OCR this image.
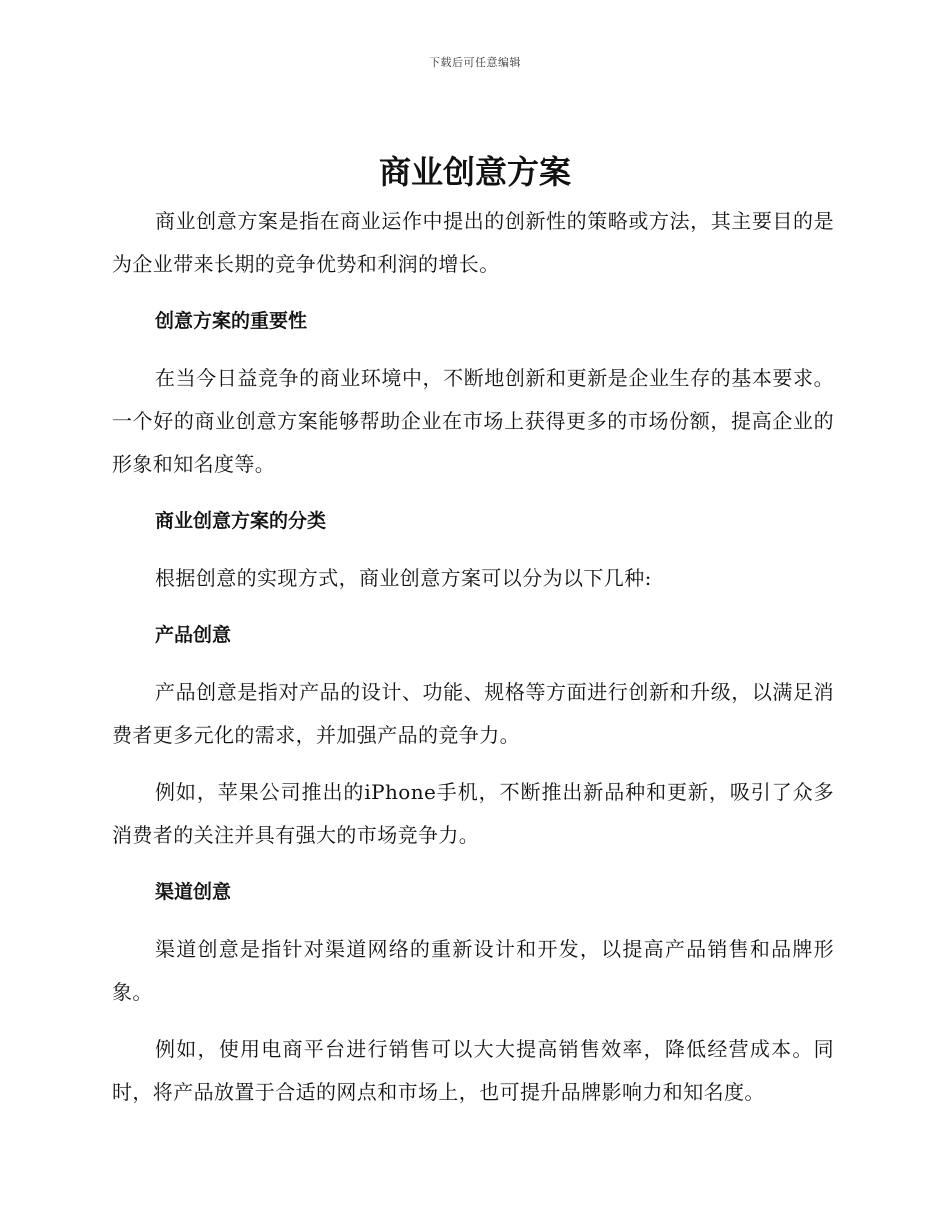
下载后可任意编辑
商业创意方案

商业创意方案是指在商业运作中提出的创新性的策略或方法，其主要目的是为企业带来长期的竞争优势和利润的增长。

创意方案的重要性

在当今日益竞争的商业环境中，不断地创新和更新是企业生存的基本要求。一个好的商业创意方案能够帮助企业在市场上获得更多的市场份额，提高企业的形象和知名度等。

商业创意方案的分类

根据创意的实现方式，商业创意方案可以分为以下几种:

产品创意

产品创意是指对产品的设计、功能、规格等方面进行创新和升级，以满足消费者更多元化的需求，并加强产品的竞争力。

例如，苹果公司推出的iPhone手机，不断推出新品种和更新，吸引了众多消费者的关注并具有强大的市场竞争力。

渠道创意

渠道创意是指针对渠道网络的重新设计和开发，以提高产品销售和品牌形象。

例如，使用电商平台进行销售可以大大提高销售效率，降低经营成本。同时，将产品放置于合适的网点和市场上，也可提升品牌影响力和知名度。
